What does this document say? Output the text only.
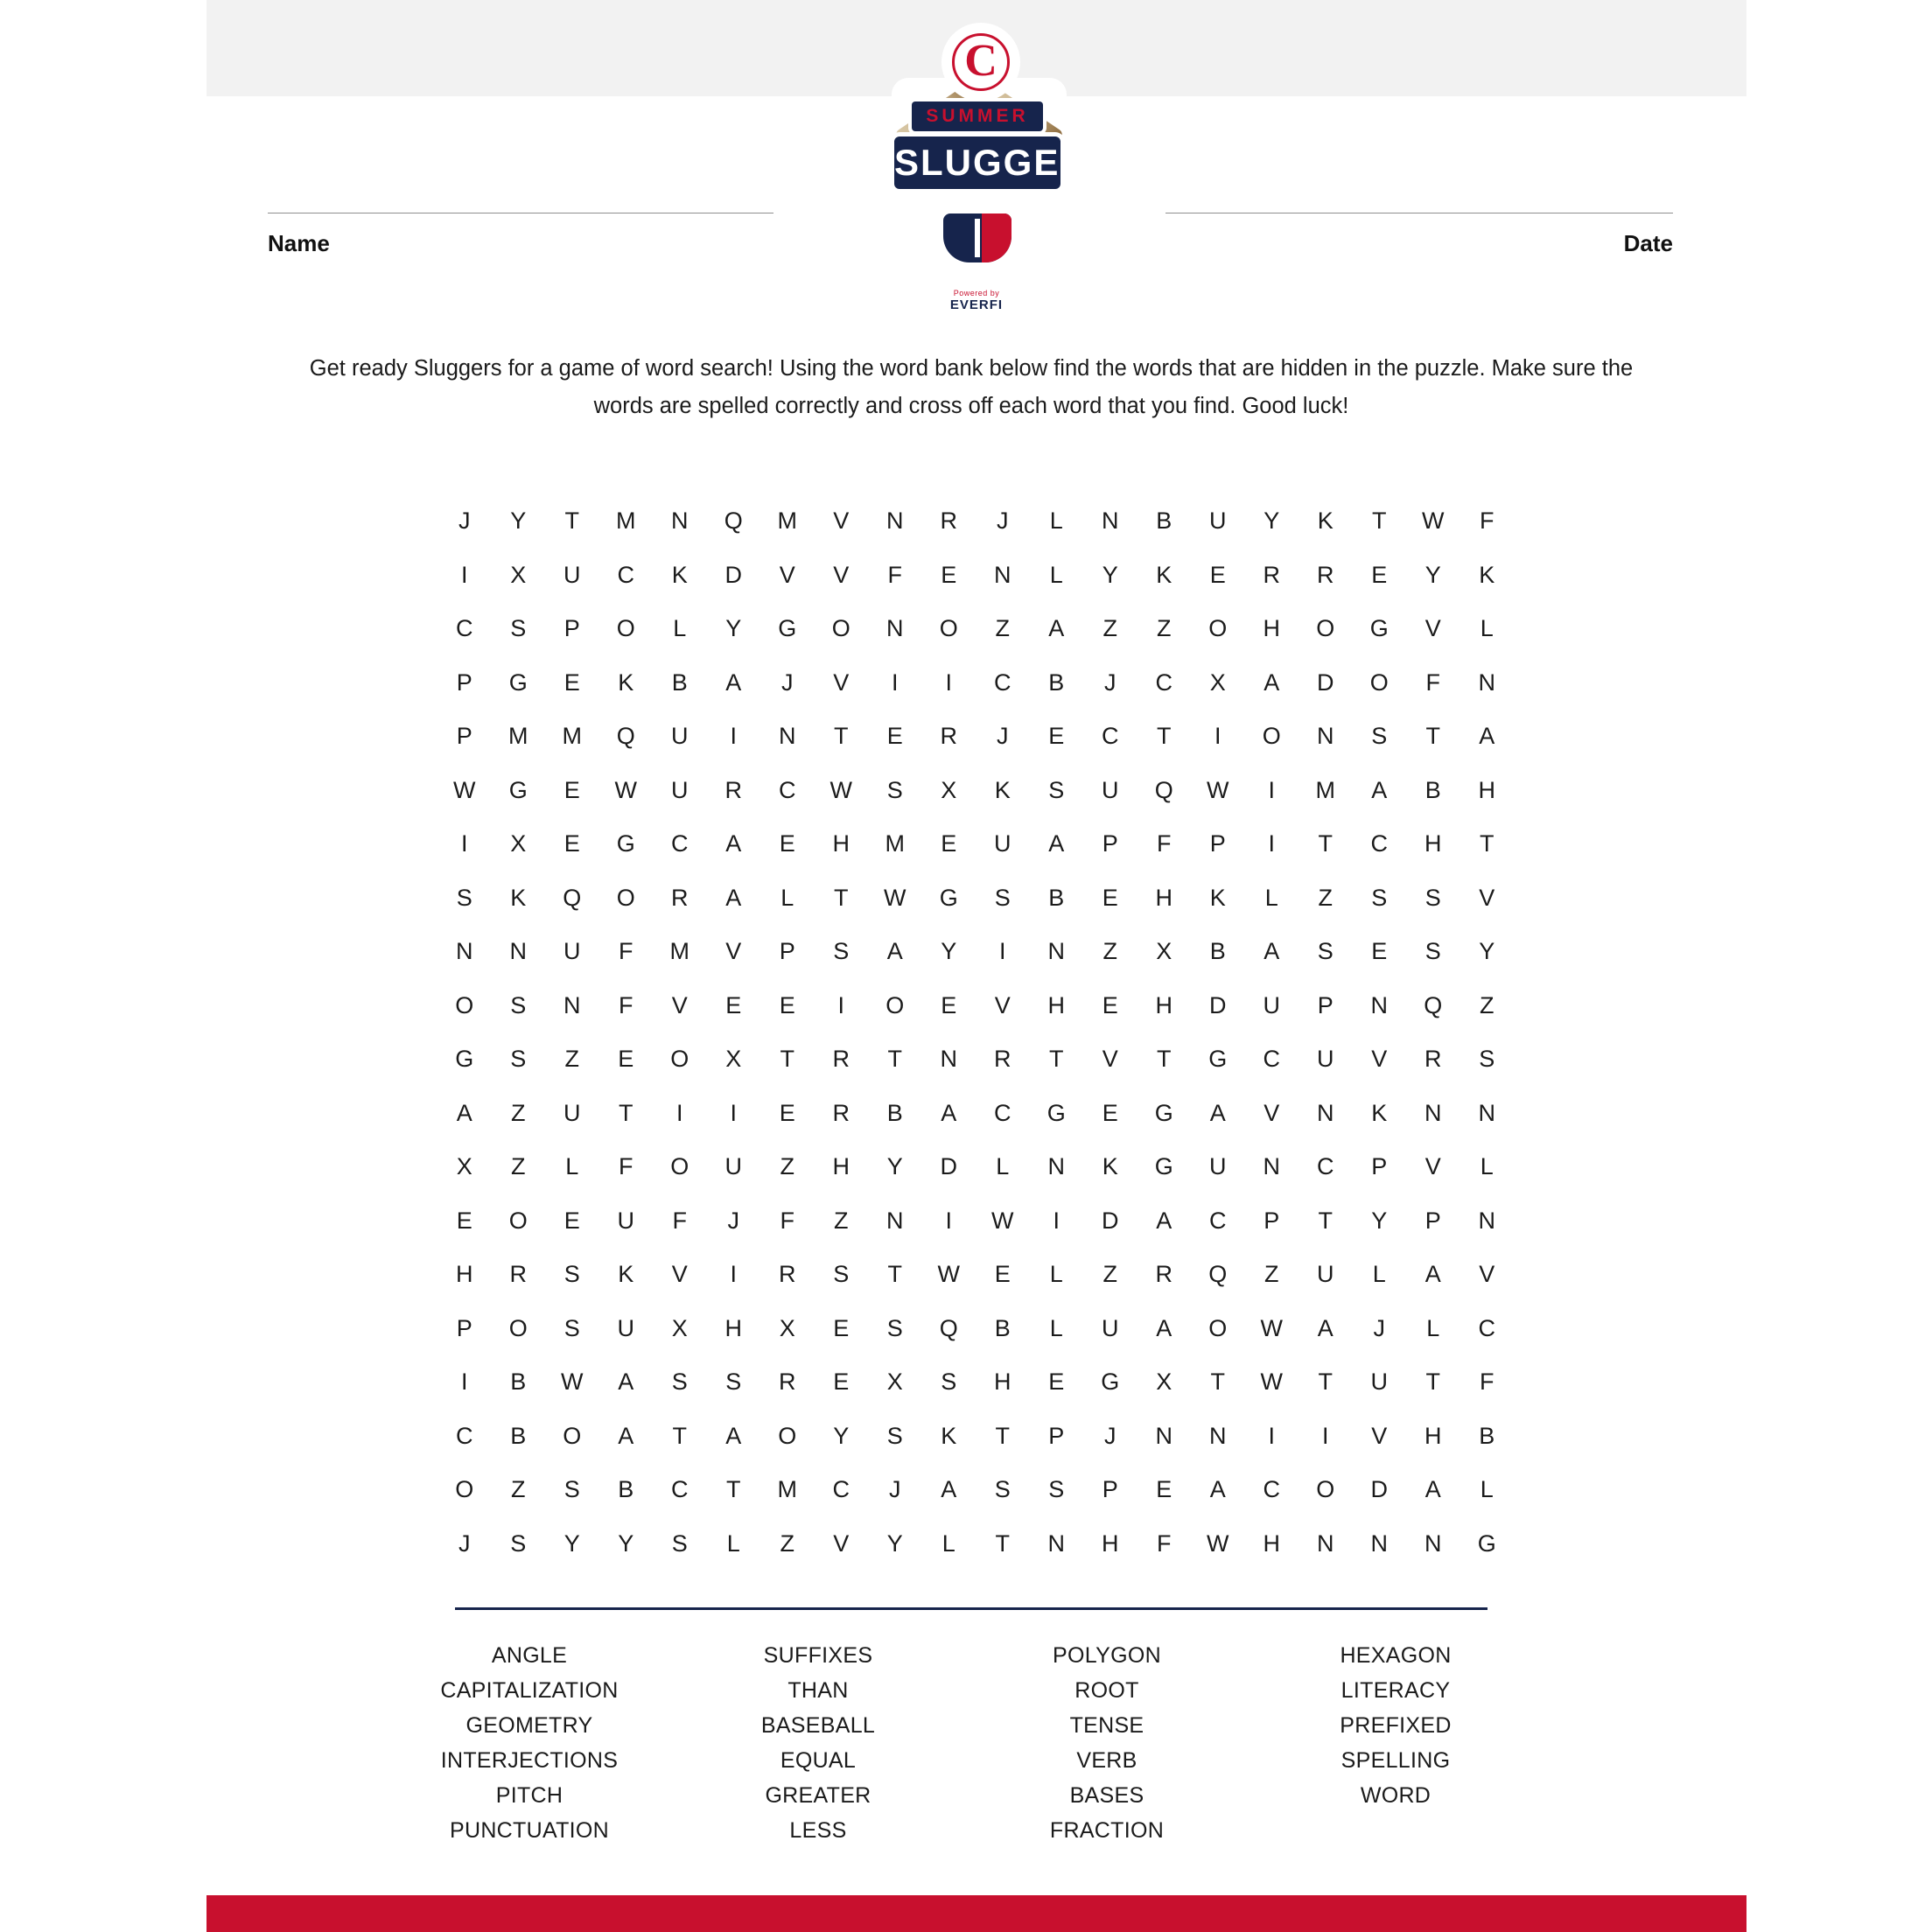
C
SUMMER
SLUGGER
Powered by
EVERFI
Name	Date
Get ready Sluggers for a game of word search! Using the word bank below find the words that are hidden in the puzzle. Make sure the words are spelled correctly and cross off each word that you find. Good luck!
J	Y	T	M	N	Q	M	V	N	R	J	L	N	B	U	Y	K	T	W	F
I	X	U	C	K	D	V	V	F	E	N	L	Y	K	E	R	R	E	Y	K
C	S	P	O	L	Y	G	O	N	O	Z	A	Z	Z	O	H	O	G	V	L
P	G	E	K	B	A	J	V	I	I	C	B	J	C	X	A	D	O	F	N
P	M	M	Q	U	I	N	T	E	R	J	E	C	T	I	O	N	S	T	A
W	G	E	W	U	R	C	W	S	X	K	S	U	Q	W	I	M	A	B	H
I	X	E	G	C	A	E	H	M	E	U	A	P	F	P	I	T	C	H	T
S	K	Q	O	R	A	L	T	W	G	S	B	E	H	K	L	Z	S	S	V
N	N	U	F	M	V	P	S	A	Y	I	N	Z	X	B	A	S	E	S	Y
O	S	N	F	V	E	E	I	O	E	V	H	E	H	D	U	P	N	Q	Z
G	S	Z	E	O	X	T	R	T	N	R	T	V	T	G	C	U	V	R	S
A	Z	U	T	I	I	E	R	B	A	C	G	E	G	A	V	N	K	N	N
X	Z	L	F	O	U	Z	H	Y	D	L	N	K	G	U	N	C	P	V	L
E	O	E	U	F	J	F	Z	N	I	W	I	D	A	C	P	T	Y	P	N
H	R	S	K	V	I	R	S	T	W	E	L	Z	R	Q	Z	U	L	A	V
P	O	S	U	X	H	X	E	S	Q	B	L	U	A	O	W	A	J	L	C
I	B	W	A	S	S	R	E	X	S	H	E	G	X	T	W	T	U	T	F
C	B	O	A	T	A	O	Y	S	K	T	P	J	N	N	I	I	V	H	B
O	Z	S	B	C	T	M	C	J	A	S	S	P	E	A	C	O	D	A	L
J	S	Y	Y	S	L	Z	V	Y	L	T	N	H	F	W	H	N	N	N	G
ANGLE
CAPITALIZATION
GEOMETRY
INTERJECTIONS
PITCH
PUNCTUATION
SUFFIXES
THAN
BASEBALL
EQUAL
GREATER
LESS
POLYGON
ROOT
TENSE
VERB
BASES
FRACTION
HEXAGON
LITERACY
PREFIXED
SPELLING
WORD
